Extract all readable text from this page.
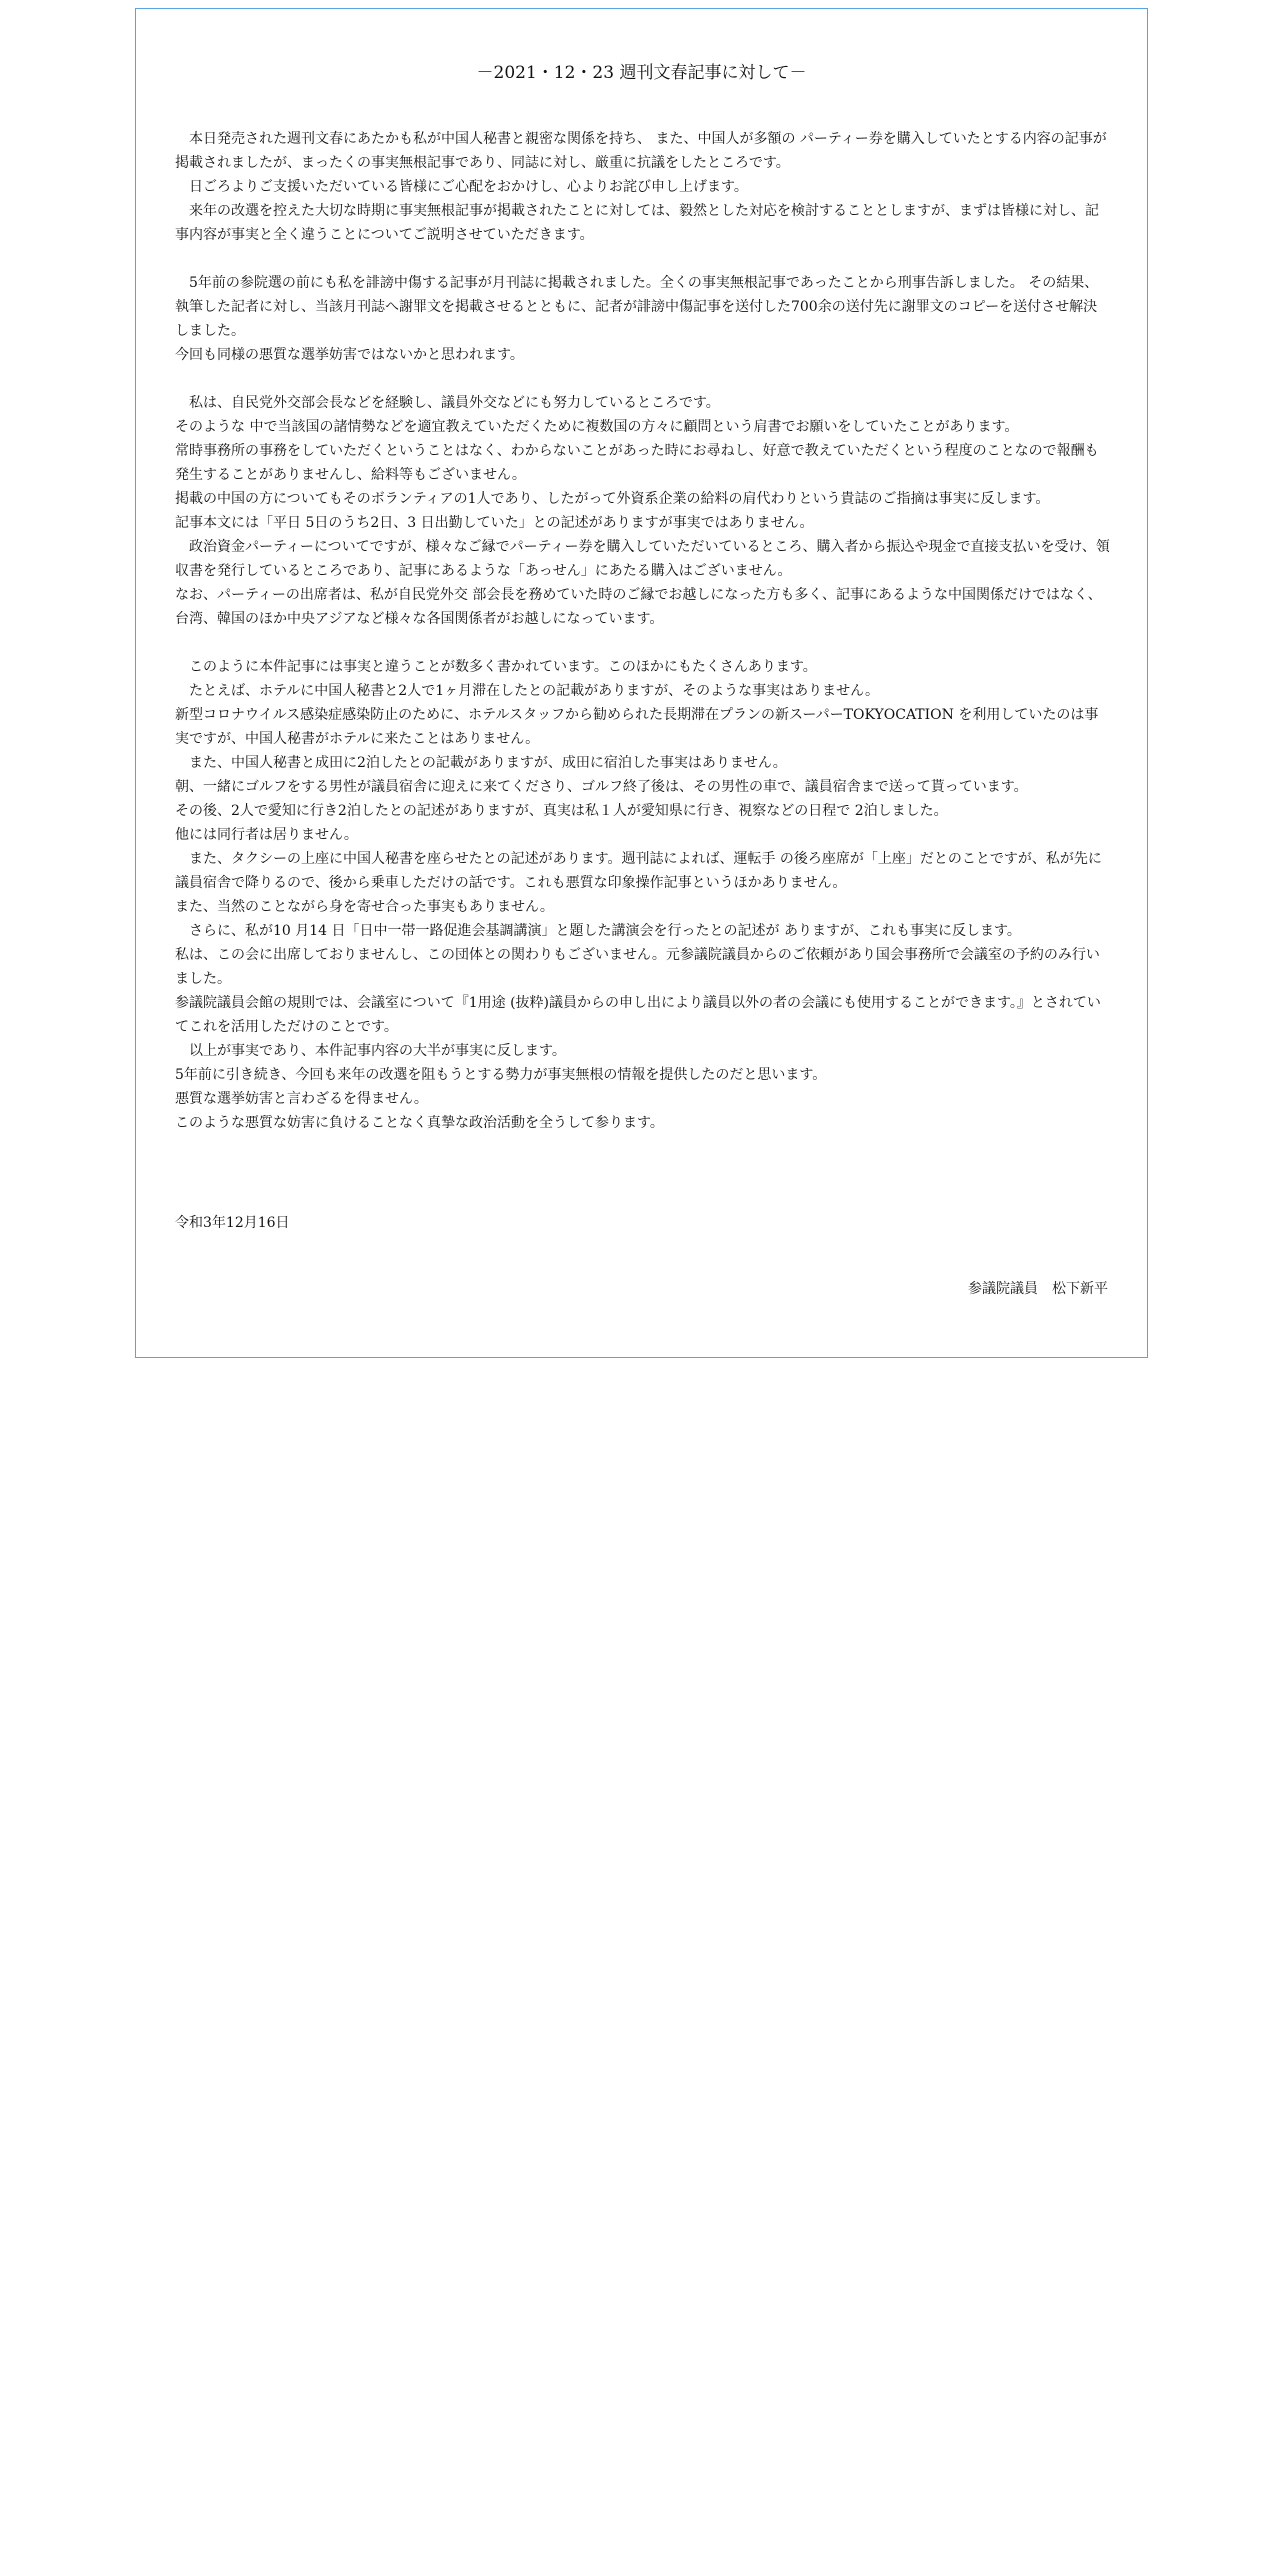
－2021・12・23 週刊文春記事に対して－

　本日発売された週刊文春にあたかも私が中国人秘書と親密な関係を持ち、 また、中国人が多額の パーティー券を購入していたとする内容の記事が掲載されましたが、まったくの事実無根記事であり、同誌に対し、厳重に抗議をしたところです。

　日ごろよりご支援いただいている皆様にご心配をおかけし、心よりお詫び申し上げます。

　来年の改選を控えた大切な時期に事実無根記事が掲載されたことに対しては、毅然とした対応を検討することとしますが、まずは皆様に対し、記事内容が事実と全く違うことについてご説明させていただきます。

　5年前の参院選の前にも私を誹謗中傷する記事が月刊誌に掲載されました。全くの事実無根記事であったことから刑事告訴しました。 その結果、執筆した記者に対し、当該月刊誌へ謝罪文を掲載させるとともに、記者が誹謗中傷記事を送付した700余の送付先に謝罪文のコピーを送付させ解決しました。

今回も同様の悪質な選挙妨害ではないかと思われます。

　私は、自民党外交部会長などを経験し、議員外交などにも努力しているところです。

そのような 中で当該国の諸情勢などを適宜教えていただくために複数国の方々に顧問という肩書でお願いをしていたことがあります。

常時事務所の事務をしていただくということはなく、わからないことがあった時にお尋ねし、好意で教えていただくという程度のことなので報酬も発生することがありませんし、給料等もございません。

掲載の中国の方についてもそのボランティアの1人であり、したがって外資系企業の給料の肩代わりという貴誌のご指摘は事実に反します。

記事本文には「平日 5日のうち2日、3 日出勤していた」との記述がありますが事実ではありません。

　政治資金パーティーについてですが、様々なご縁でパーティー券を購入していただいているところ、購入者から振込や現金で直接支払いを受け、領収書を発行しているところであり、記事にあるような「あっせん」にあたる購入はございません。

なお、パーティーの出席者は、私が自民党外交 部会長を務めていた時のご縁でお越しになった方も多く、記事にあるような中国関係だけではなく、台湾、韓国のほか中央アジアなど様々な各国関係者がお越しになっています。

　このように本件記事には事実と違うことが数多く書かれています。このほかにもたくさんあります。

　たとえば、ホテルに中国人秘書と2人で1ヶ月滞在したとの記載がありますが、そのような事実はありません。

新型コロナウイルス感染症感染防止のために、ホテルスタッフから勧められた長期滞在プランの新スーパーTOKYOCATION を利用していたのは事実ですが、中国人秘書がホテルに来たことはありません。

　また、中国人秘書と成田に2泊したとの記載がありますが、成田に宿泊した事実はありません。

朝、一緒にゴルフをする男性が議員宿舎に迎えに来てくださり、ゴルフ終了後は、その男性の車で、議員宿舎まで送って貰っています。

その後、2人で愛知に行き2泊したとの記述がありますが、真実は私１人が愛知県に行き、視察などの日程で 2泊しました。

他には同行者は居りません。

　また、タクシーの上座に中国人秘書を座らせたとの記述があります。週刊誌によれば、運転手 の後ろ座席が「上座」だとのことですが、私が先に議員宿舎で降りるので、後から乗車しただけの話です。これも悪質な印象操作記事というほかありません。

また、当然のことながら身を寄せ合った事実もありません。

　さらに、私が10 月14 日「日中一帯一路促進会基調講演」と題した講演会を行ったとの記述が ありますが、これも事実に反します。

私は、この会に出席しておりませんし、この団体との関わりもございません。元参議院議員からのご依頼があり国会事務所で会議室の予約のみ行いました。

参議院議員会館の規則では、会議室について『1用途 (抜粋)議員からの申し出により議員以外の者の会議にも使用することができます。』とされていてこれを活用しただけのことです。

　以上が事実であり、本件記事内容の大半が事実に反します。

5年前に引き続き、今回も来年の改選を阻もうとする勢力が事実無根の情報を提供したのだと思います。

悪質な選挙妨害と言わざるを得ません。

このような悪質な妨害に負けることなく真摯な政治活動を全うして参ります。

令和3年12月16日
参議院議員　松下新平
